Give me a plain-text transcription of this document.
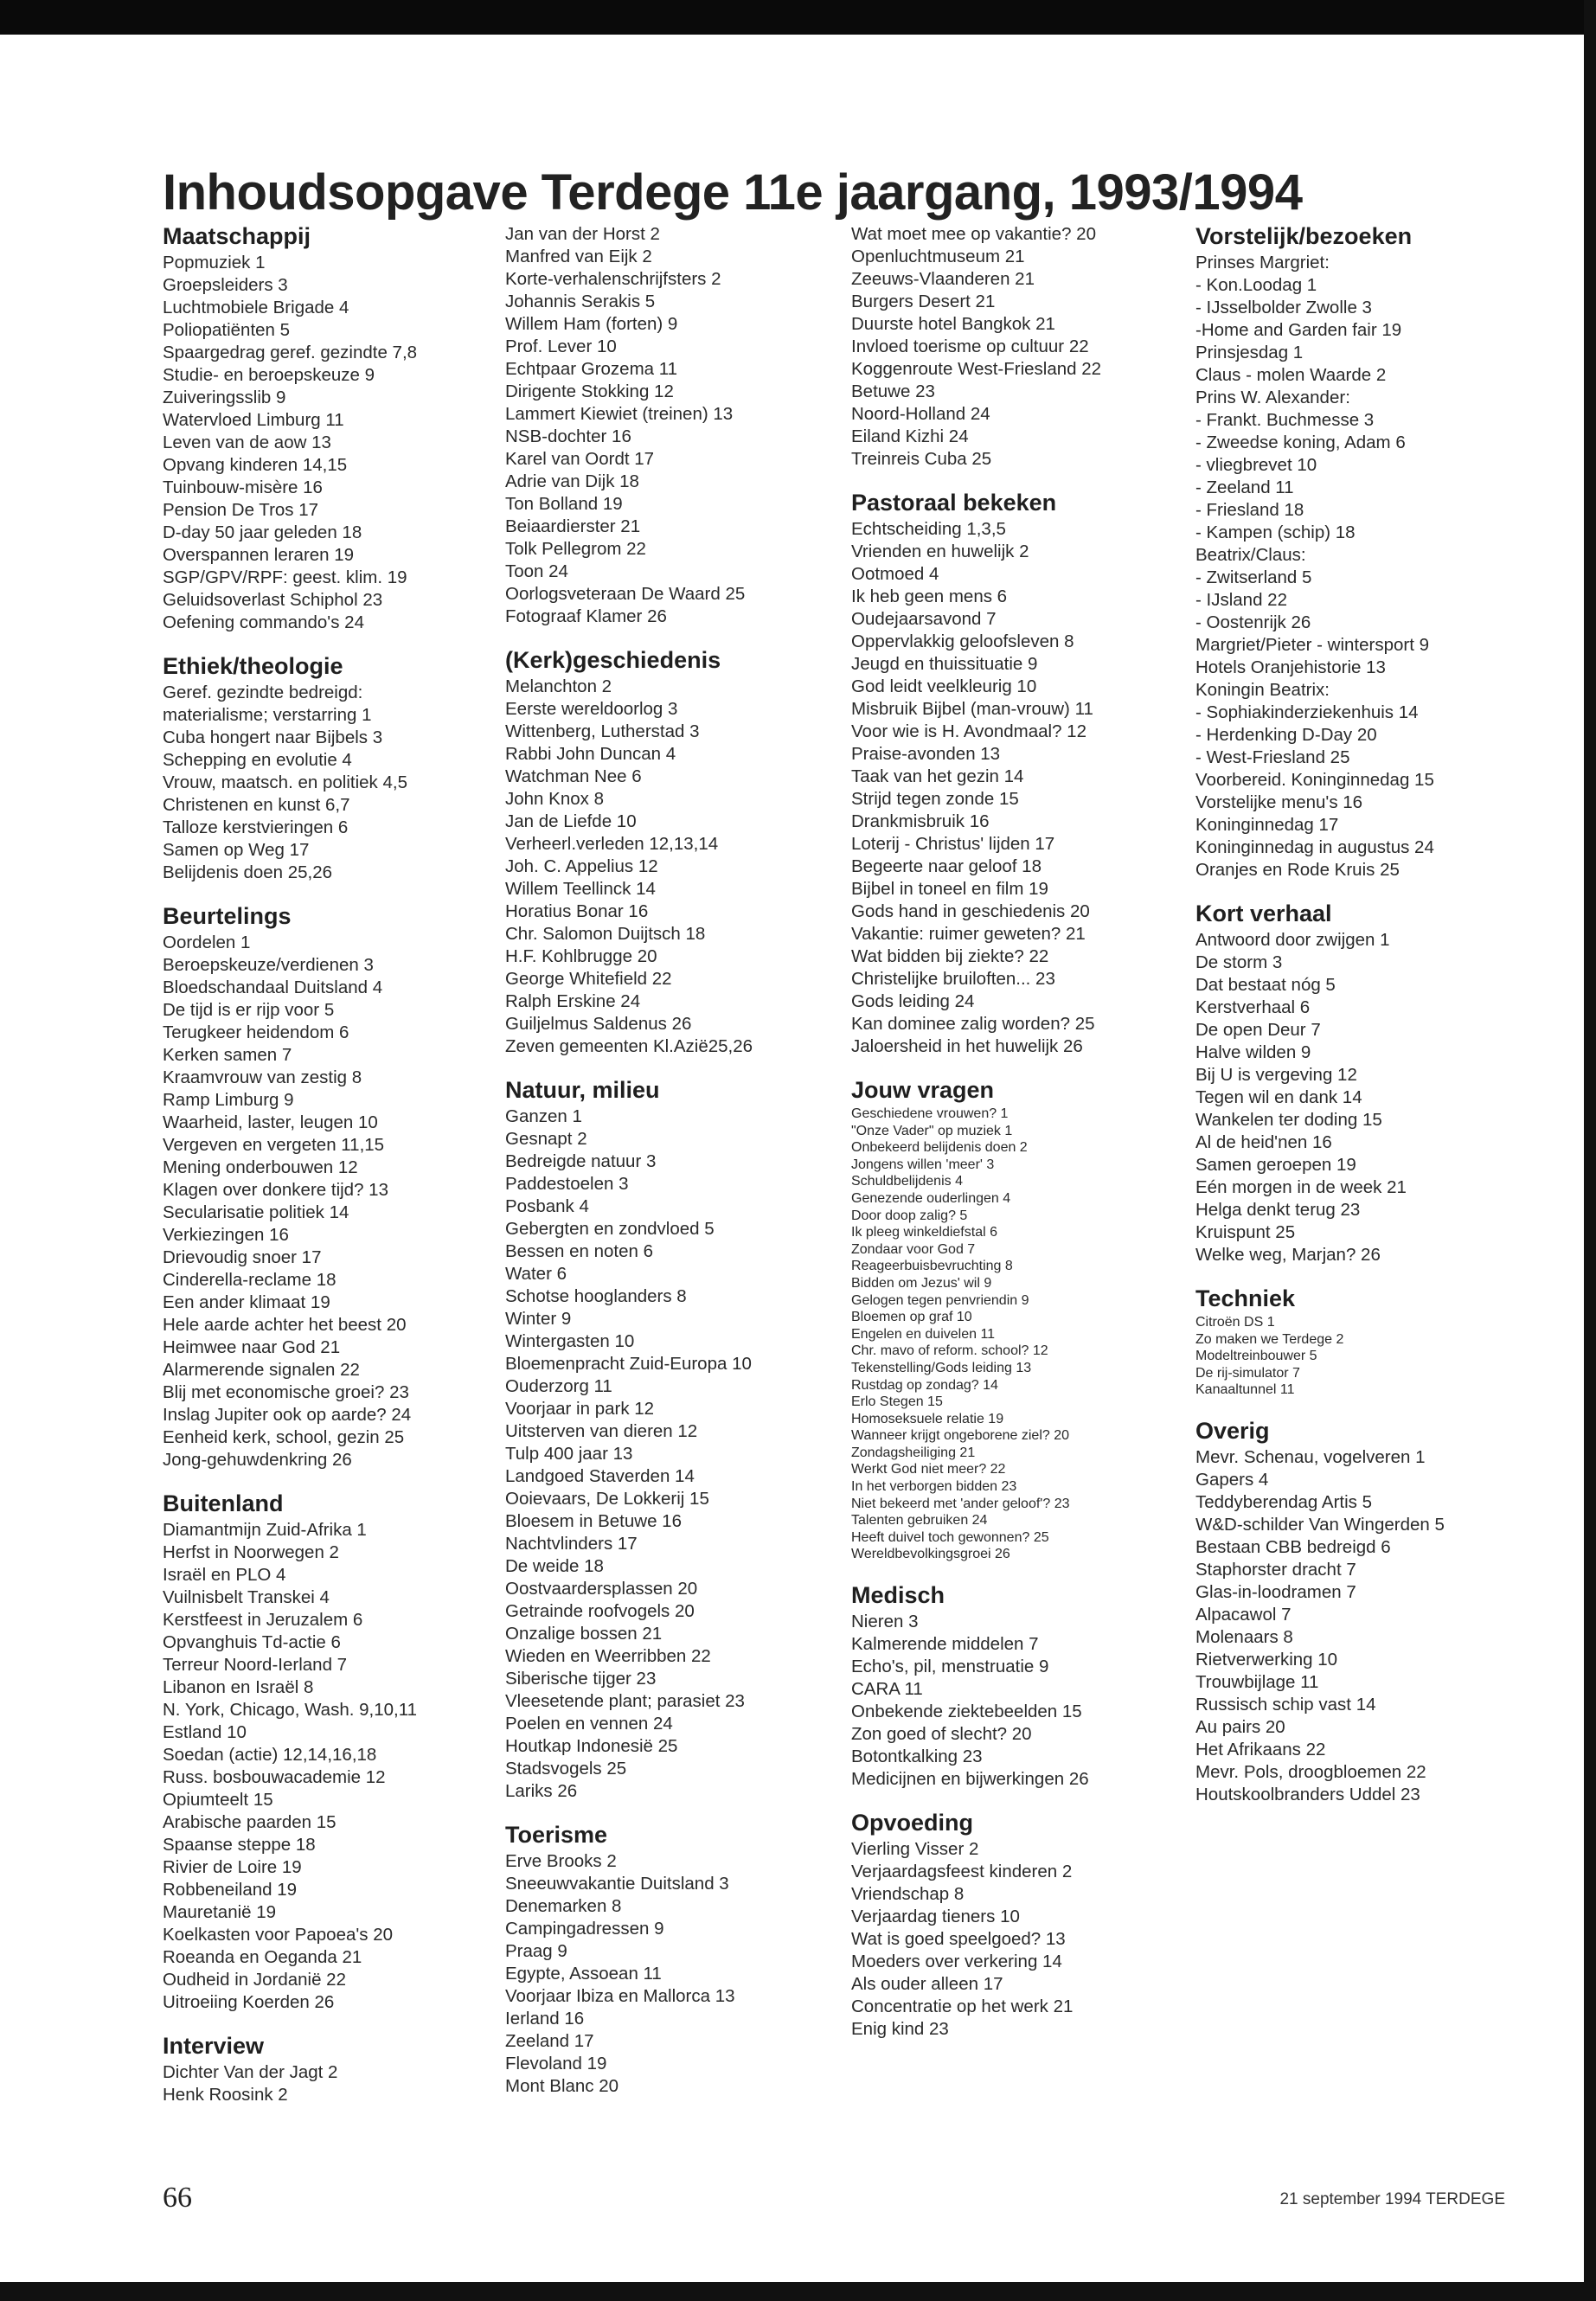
Inhoudsopgave Terdege 11e jaargang, 1993/1994
Maatschappij
Popmuziek 1
Groepsleiders 3
Luchtmobiele Brigade 4
Poliopatiënten 5
Spaargedrag geref. gezindte 7,8
Studie- en beroepskeuze 9
Zuiveringsslib 9
Watervloed Limburg 11
Leven van de aow 13
Opvang kinderen 14,15
Tuinbouw-misère 16
Pension De Tros 17
D-day 50 jaar geleden 18
Overspannen leraren 19
SGP/GPV/RPF: geest. klim. 19
Geluidsoverlast Schiphol 23
Oefening commando's 24
Ethiek/theologie
Geref. gezindte bedreigd:
materialisme; verstarring 1
Cuba hongert naar Bijbels 3
Schepping en evolutie 4
Vrouw, maatsch. en politiek 4,5
Christenen en kunst 6,7
Talloze kerstvieringen 6
Samen op Weg 17
Belijdenis doen 25,26
Beurtelings
Oordelen 1
Beroepskeuze/verdienen 3
Bloedschandaal Duitsland 4
De tijd is er rijp voor 5
Terugkeer heidendom 6
Kerken samen 7
Kraamvrouw van zestig 8
Ramp Limburg 9
Waarheid, laster, leugen 10
Vergeven en vergeten 11,15
Mening onderbouwen 12
Klagen over donkere tijd? 13
Secularisatie politiek 14
Verkiezingen 16
Drievoudig snoer 17
Cinderella-reclame 18
Een ander klimaat 19
Hele aarde achter het beest 20
Heimwee naar God 21
Alarmerende signalen 22
Blij met economische groei? 23
Inslag Jupiter ook op aarde? 24
Eenheid kerk, school, gezin 25
Jong-gehuwdenkring 26
Buitenland
Diamantmijn Zuid-Afrika 1
Herfst in Noorwegen 2
Israël en PLO 4
Vuilnisbelt Transkei 4
Kerstfeest in Jeruzalem 6
Opvanghuis Td-actie 6
Terreur Noord-Ierland 7
Libanon en Israël 8
N. York, Chicago, Wash. 9,10,11
Estland 10
Soedan (actie) 12,14,16,18
Russ. bosbouwacademie 12
Opiumteelt 15
Arabische paarden 15
Spaanse steppe 18
Rivier de Loire 19
Robbeneiland 19
Mauretanië 19
Koelkasten voor Papoea's 20
Roeanda en Oeganda 21
Oudheid in Jordanië 22
Uitroeiing Koerden 26
Interview
Dichter Van der Jagt 2
Henk Roosink 2
Jan van der Horst 2
Manfred van Eijk 2
Korte-verhalenschrijfsters 2
Johannis Serakis 5
Willem Ham (forten) 9
Prof. Lever 10
Echtpaar Grozema 11
Dirigente Stokking 12
Lammert Kiewiet (treinen) 13
NSB-dochter 16
Karel van Oordt 17
Adrie van Dijk 18
Ton Bolland 19
Beiaardierster 21
Tolk Pellegrom 22
Toon 24
Oorlogsveteraan De Waard 25
Fotograaf Klamer 26
(Kerk)geschiedenis
Melanchton 2
Eerste wereldoorlog 3
Wittenberg, Lutherstad 3
Rabbi John Duncan 4
Watchman Nee 6
John Knox 8
Jan de Liefde 10
Verheerl.verleden 12,13,14
Joh. C. Appelius 12
Willem Teellinck 14
Horatius Bonar 16
Chr. Salomon Duijtsch 18
H.F. Kohlbrugge 20
George Whitefield 22
Ralph Erskine 24
Guiljelmus Saldenus 26
Zeven gemeenten Kl.Azië25,26
Natuur, milieu
Ganzen 1
Gesnapt 2
Bedreigde natuur 3
Paddestoelen 3
Posbank 4
Gebergten en zondvloed 5
Bessen en noten 6
Water 6
Schotse hooglanders 8
Winter 9
Wintergasten 10
Bloemenpracht Zuid-Europa 10
Ouderzorg 11
Voorjaar in park 12
Uitsterven van dieren 12
Tulp 400 jaar 13
Landgoed Staverden 14
Ooievaars, De Lokkerij 15
Bloesem in Betuwe 16
Nachtvlinders 17
De weide 18
Oostvaardersplassen 20
Getrainde roofvogels 20
Onzalige bossen 21
Wieden en Weerribben 22
Siberische tijger 23
Vleesetende plant; parasiet 23
Poelen en vennen 24
Houtkap Indonesië 25
Stadsvogels 25
Lariks 26
Toerisme
Erve Brooks 2
Sneeuwvakantie Duitsland 3
Denemarken 8
Campingadressen 9
Praag 9
Egypte, Assoean 11
Voorjaar Ibiza en Mallorca 13
Ierland 16
Zeeland 17
Flevoland 19
Mont Blanc 20
Wat moet mee op vakantie? 20
Openluchtmuseum 21
Zeeuws-Vlaanderen 21
Burgers Desert 21
Duurste hotel Bangkok 21
Invloed toerisme op cultuur 22
Koggenroute West-Friesland 22
Betuwe 23
Noord-Holland 24
Eiland Kizhi 24
Treinreis Cuba 25
Pastoraal bekeken
Echtscheiding 1,3,5
Vrienden en huwelijk 2
Ootmoed 4
Ik heb geen mens 6
Oudejaarsavond 7
Oppervlakkig geloofsleven 8
Jeugd en thuissituatie 9
God leidt veelkleurig 10
Misbruik Bijbel (man-vrouw) 11
Voor wie is H. Avondmaal? 12
Praise-avonden 13
Taak van het gezin 14
Strijd tegen zonde 15
Drankmisbruik 16
Loterij - Christus' lijden 17
Begeerte naar geloof 18
Bijbel in toneel en film 19
Gods hand in geschiedenis 20
Vakantie: ruimer geweten? 21
Wat bidden bij ziekte? 22
Christelijke bruiloften... 23
Gods leiding 24
Kan dominee zalig worden? 25
Jaloersheid in het huwelijk 26
Jouw vragen
Geschiedene vrouwen? 1
"Onze Vader" op muziek 1
Onbekeerd belijdenis doen 2
Jongens willen 'meer' 3
Schuldbelijdenis 4
Genezende ouderlingen 4
Door doop zalig? 5
Ik pleeg winkeldiefstal 6
Zondaar voor God 7
Reageerbuisbevruchting 8
Bidden om Jezus' wil 9
Gelogen tegen penvriendin 9
Bloemen op graf 10
Engelen en duivelen 11
Chr. mavo of reform. school? 12
Tekenstelling/Gods leiding 13
Rustdag op zondag? 14
Erlo Stegen 15
Homoseksuele relatie 19
Wanneer krijgt ongeborene ziel? 20
Zondagsheiliging 21
Werkt God niet meer? 22
In het verborgen bidden 23
Niet bekeerd met 'ander geloof'? 23
Talenten gebruiken 24
Heeft duivel toch gewonnen? 25
Wereldbevolkingsgroei 26
Medisch
Nieren 3
Kalmerende middelen 7
Echo's, pil, menstruatie 9
CARA 11
Onbekende ziektebeelden 15
Zon goed of slecht? 20
Botontkalking 23
Medicijnen en bijwerkingen 26
Opvoeding
Vierling Visser 2
Verjaardagsfeest kinderen 2
Vriendschap 8
Verjaardag tieners 10
Wat is goed speelgoed? 13
Moeders over verkering 14
Als ouder alleen 17
Concentratie op het werk 21
Enig kind 23
Vorstelijk/bezoeken
Prinses Margriet:
- Kon.Loodag 1
- IJsselbolder Zwolle 3
-Home and Garden fair 19
Prinsjesdag 1
Claus - molen Waarde 2
Prins W. Alexander:
- Frankt. Buchmesse 3
- Zweedse koning, Adam 6
- vliegbrevet 10
- Zeeland 11
- Friesland 18
- Kampen (schip) 18
Beatrix/Claus:
- Zwitserland 5
- IJsland 22
- Oostenrijk 26
Margriet/Pieter - wintersport 9
Hotels Oranjehistorie 13
Koningin Beatrix:
- Sophiakinderziekenhuis 14
- Herdenking D-Day 20
- West-Friesland 25
Voorbereid. Koninginnedag 15
Vorstelijke menu's 16
Koninginnedag 17
Koninginnedag in augustus 24
Oranjes en Rode Kruis 25
Kort verhaal
Antwoord door zwijgen 1
De storm 3
Dat bestaat nóg 5
Kerstverhaal 6
De open Deur 7
Halve wilden 9
Bij U is vergeving 12
Tegen wil en dank 14
Wankelen ter doding 15
Al de heid'nen 16
Samen geroepen 19
Eén morgen in de week 21
Helga denkt terug 23
Kruispunt 25
Welke weg, Marjan? 26
Techniek
Citroën DS 1
Zo maken we Terdege 2
Modeltreinbouwer 5
De rij-simulator 7
Kanaaltunnel 11
Overig
Mevr. Schenau, vogelveren 1
Gapers 4
Teddyberendag Artis 5
W&D-schilder Van Wingerden 5
Bestaan CBB bedreigd 6
Staphorster dracht 7
Glas-in-loodramen 7
Alpacawol 7
Molenaars 8
Rietverwerking 10
Trouwbijlage 11
Russisch schip vast 14
Au pairs 20
Het Afrikaans 22
Mevr. Pols, droogbloemen 22
Houtskoolbranders Uddel 23
66	21 september 1994 TERDEGE
